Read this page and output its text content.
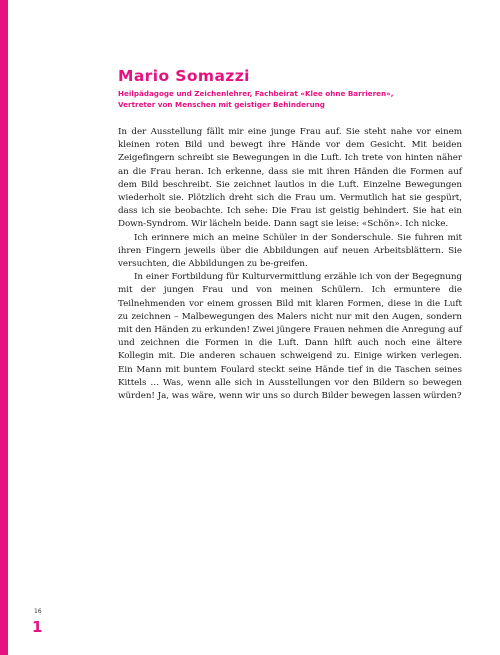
Mario Somazzi

Heilpädagoge und Zeichenlehrer, Fachbeirat «Klee ohne Barrieren»,
Vertreter von Menschen mit geistiger Behinderung

In der Ausstellung fällt mir eine junge Frau auf. Sie steht nahe vor einem kleinen roten Bild und bewegt ihre Hände vor dem Gesicht. Mit beiden Zeigefingern schreibt sie Bewegungen in die Luft. Ich trete von hinten näher an die Frau heran. Ich erkenne, dass sie mit ihren Händen die Formen auf dem Bild beschreibt. Sie zeichnet lautlos in die Luft. Einzelne Bewegungen wiederholt sie. Plötzlich dreht sich die Frau um. Vermutlich hat sie gespürt, dass ich sie beobachte. Ich sehe: Die Frau ist geistig behindert. Sie hat ein Down-Syndrom. Wir lächeln beide. Dann sagt sie leise: «Schön». Ich nicke.

Ich erinnere mich an meine Schüler in der Sonderschule. Sie fuhren mit ihren Fingern jeweils über die Abbildungen auf neuen Arbeitsblättern. Sie versuchten, die Abbildungen zu be-greifen.

In einer Fortbildung für Kulturvermittlung erzähle ich von der Begegnung mit der jungen Frau und von meinen Schülern. Ich ermuntere die Teilnehmenden vor einem grossen Bild mit klaren Formen, diese in die Luft zu zeichnen – Malbewegungen des Malers nicht nur mit den Augen, sondern mit den Händen zu erkunden! Zwei jüngere Frauen nehmen die Anregung auf und zeichnen die Formen in die Luft. Dann hilft auch noch eine ältere Kollegin mit. Die anderen schauen schweigend zu. Einige wirken verlegen. Ein Mann mit buntem Foulard steckt seine Hände tief in die Taschen seines Kittels … Was, wenn alle sich in Ausstellungen vor den Bildern so bewegen würden! Ja, was wäre, wenn wir uns so durch Bilder bewegen lassen würden?

16
1
